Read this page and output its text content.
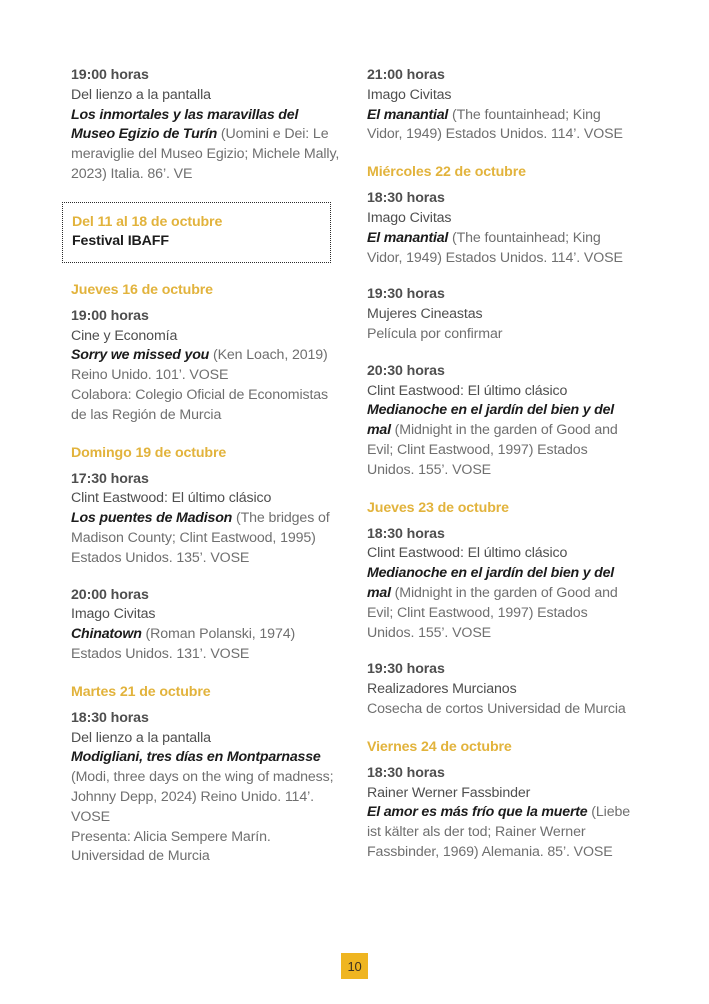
19:00 horas
Del lienzo a la pantalla
Los inmortales y las maravillas del Museo Egizio de Turín (Uomini e Dei: Le meraviglie del Museo Egizio; Michele Mally, 2023) Italia. 86’. VE
Del 11 al 18 de octubre
Festival IBAFF
Jueves 16 de octubre
19:00 horas
Cine y Economía
Sorry we missed you (Ken Loach, 2019) Reino Unido. 101’. VOSE
Colabora: Colegio Oficial de Economistas de las Región de Murcia
Domingo 19 de octubre
17:30 horas
Clint Eastwood: El último clásico
Los puentes de Madison (The bridges of Madison County; Clint Eastwood, 1995) Estados Unidos. 135’. VOSE
20:00 horas
Imago Civitas
Chinatown (Roman Polanski, 1974) Estados Unidos. 131’. VOSE
Martes 21 de octubre
18:30 horas
Del lienzo a la pantalla
Modigliani, tres días en Montparnasse (Modi, three days on the wing of madness; Johnny Depp, 2024) Reino Unido. 114’. VOSE
Presenta: Alicia Sempere Marín. Universidad de Murcia
21:00 horas
Imago Civitas
El manantial (The fountainhead; King Vidor, 1949) Estados Unidos. 114’. VOSE
Miércoles 22 de octubre
18:30 horas
Imago Civitas
El manantial (The fountainhead; King Vidor, 1949) Estados Unidos. 114’. VOSE
19:30 horas
Mujeres Cineastas
Película por confirmar
20:30 horas
Clint Eastwood: El último clásico
Medianoche en el jardín del bien y del mal (Midnight in the garden of Good and Evil; Clint Eastwood, 1997) Estados Unidos. 155’. VOSE
Jueves 23 de octubre
18:30 horas
Clint Eastwood: El último clásico
Medianoche en el jardín del bien y del mal (Midnight in the garden of Good and Evil; Clint Eastwood, 1997) Estados Unidos. 155’. VOSE
19:30 horas
Realizadores Murcianos
Cosecha de cortos Universidad de Murcia
Viernes 24 de octubre
18:30 horas
Rainer Werner Fassbinder
El amor es más frío que la muerte (Liebe ist kälter als der tod; Rainer Werner Fassbinder, 1969) Alemania. 85’. VOSE
10
